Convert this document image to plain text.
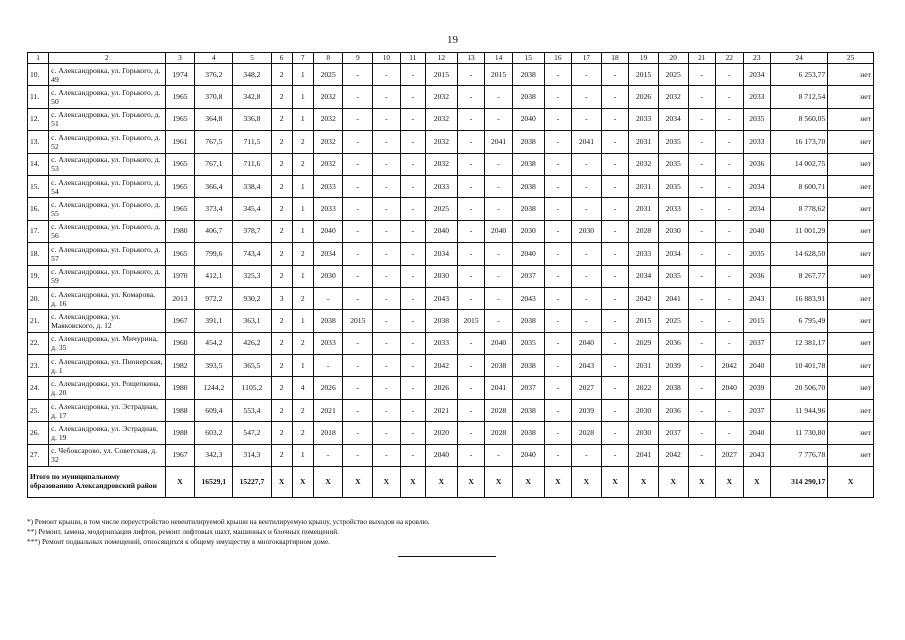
19
1	2	3	4	5	6	7	8	9	10	11	12	13	14	15	16	17	18	19	20	21	22	23	24	25
10.	с. Александровка, ул. Горького, д. 49	1974	376,2	348,2	2	1	2025	-	-	-	2015	-	2015	2038	-	-	-	2015	2025	-	-	2034	6 253,77	нет
11.	с. Александровка, ул. Горького, д. 50	1965	370,8	342,8	2	1	2032	-	-	-	2032	-	-	2038	-	-	-	2026	2032	-	-	2033	8 712,54	нет
12.	с. Александровка, ул. Горького, д. 51	1965	364,8	336,8	2	1	2032	-	-	-	2032	-	-	2040	-	-	-	2033	2034	-	-	2035	8 560,05	нет
13.	с. Александровка, ул. Горького, д. 52	1961	767,5	711,5	2	2	2032	-	-	-	2032	-	2041	2038	-	2041	-	2031	2035	-	-	2033	16 173,70	нет
14.	с. Александровка, ул. Горького, д. 53	1965	767,1	711,6	2	2	2032	-	-	-	2032	-	-	2038	-	-	-	2032	2035	-	-	2036	14 002,75	нет
15.	с. Александровка, ул. Горького, д. 54	1965	366,4	338,4	2	1	2033	-	-	-	2033	-	-	2038	-	-	-	2031	2035	-	-	2034	8 600,71	нет
16.	с. Александровка, ул. Горького, д. 55	1965	373,4	345,4	2	1	2033	-	-	-	2025	-	-	2038	-	-	-	2031	2033	-	-	2034	8 778,62	нет
17.	с. Александровка, ул. Горького, д. 56	1980	406,7	378,7	2	1	2040	-	-	-	2040	-	2040	2030	-	2030	-	2028	2030	-	-	2040	11 001,29	нет
18.	с. Александровка, ул. Горького, д. 57	1965	799,6	743,4	2	2	2034	-	-	-	2034	-	-	2040	-	-	-	2033	2034	-	-	2035	14 628,50	нет
19.	с. Александровка, ул. Горького, д. 59	1970	412,1	325,3	2	1	2030	-	-	-	2030	-	-	2037	-	-	-	2034	2035	-	-	2036	8 267,77	нет
20.	с. Александровка, ул. Комарова, д. 16	2013	972,2	930,2	3	2	-	-	-	-	2043	-	-	2043	-	-	-	2042	2041	-	-	2043	16 883,91	нет
21.	с. Александровка, ул. Маяковского, д. 12	1967	391,1	363,1	2	1	2038	2015	-	-	2038	2015	-	2038	-	-	-	2015	2025	-	-	2015	6 795,49	нет
22.	с. Александровка, ул. Мичурина, д. 35	1960	454,2	426,2	2	2	2033	-	-	-	2033	-	2040	2035	-	2040	-	2029	2036	-	-	2037	12 381,17	нет
23.	с. Александровка, ул. Пионерская, д. 1	1982	393,5	365,5	2	1	-	-	-	-	2042	-	2038	2038	-	2043	-	2031	2039	-	2042	2040	10 401,78	нет
24.	с. Александровка, ул. Рощепкина, д. 20	1980	1244,2	1105,2	2	4	2026	-	-	-	2026	-	2041	2037	-	2027	-	2022	2038	-	2040	2039	20 506,70	нет
25.	с. Александровка, ул. Эстрадная, д. 17	1988	609,4	553,4	2	2	2021	-	-	-	2021	-	2028	2038	-	2039	-	2030	2036	-	-	2037	11 944,96	нет
26.	с. Александровка, ул. Эстрадная, д. 19	1988	603,2	547,2	2	2	2018	-	-	-	2020	-	2028	2038	-	2028	-	2030	2037	-	-	2040	11 730,80	нет
27.	с. Чебоксарово, ул. Советская, д. 32	1967	342,3	314,3	2	1	-	-	-	-	2040	-	-	2040	-	-	-	2041	2042	-	2027	2043	7 776,78	нет
Итого по муниципальному образованию Александровский район		X	16529,1	15227,7	X	X	X	X	X	X	X	X	X	X	X	X	X	X	X	X	X	X	314 290,17	X

*) Ремонт крыши, в том числе переустройство невентилируемой крыши на вентилируемую крышу, устройство выходов на кровлю.

**) Ремонт, замена, модернизация лифтов, ремонт лифтовых шахт, машинных и блочных помещений.

***) Ремонт подвальных помещений, относящихся к общему имуществу в многоквартирном доме.
